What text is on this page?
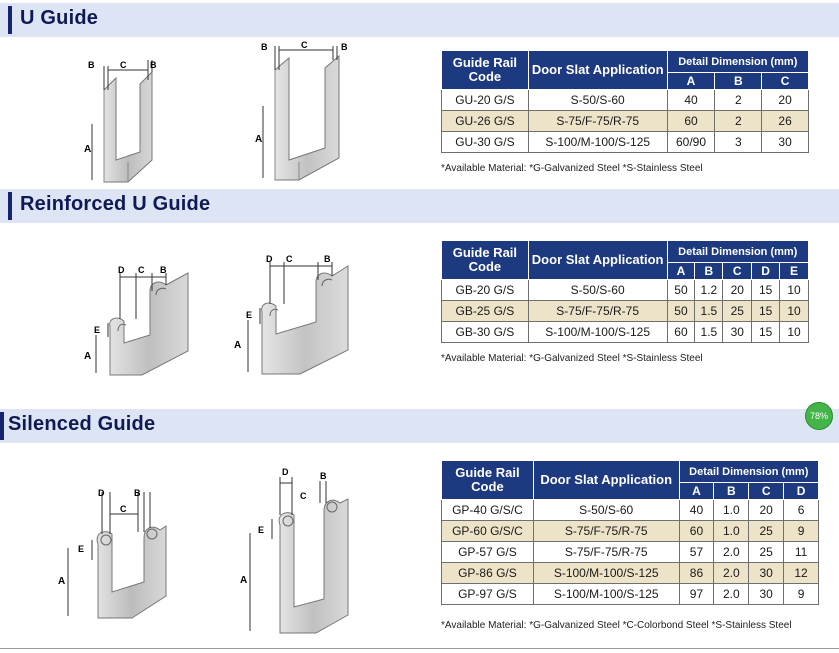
U Guide
A
B	C	B
A
B	C	B
Guide Rail Code	Door Slat Application	Detail Dimension (mm)		
		A	B	C
GU-20 G/S	S-50/S-60	40	2	20
GU-26 G/S	S-75/F-75/R-75	60	2	26
GU-30 G/S	S-100/M-100/S-125	60/90	3	30
*Available Material: *G-Galvanized Steel *S-Stainless Steel
Reinforced U Guide
A
B
C
D
E
A
B
C
D
E
Guide Rail Code	Door Slat Application	Detail Dimension (mm)				
		A	B	C	D	E
GB-20 G/S	S-50/S-60	50	1.2	20	15	10
GB-25 G/S	S-75/F-75/R-75	50	1.5	25	15	10
GB-30 G/S	S-100/M-100/S-125	60	1.5	30	15	10
*Available Material: *G-Galvanized Steel *S-Stainless Steel
Silenced Guide
A
B
C
D
E
A
B
C
D
E
Guide Rail Code	Door Slat Application	Detail Dimension (mm)			
		A	B	C	D
GP-40 G/S/C	S-50/S-60	40	1.0	20	6
GP-60 G/S/C	S-75/F-75/R-75	60	1.0	25	9
GP-57 G/S	S-75/F-75/R-75	57	2.0	25	11
GP-86 G/S	S-100/M-100/S-125	86	2.0	30	12
GP-97 G/S	S-100/M-100/S-125	97	2.0	30	9
*Available Material: *G-Galvanized Steel *C-Colorbond Steel *S-Stainless Steel
78%
